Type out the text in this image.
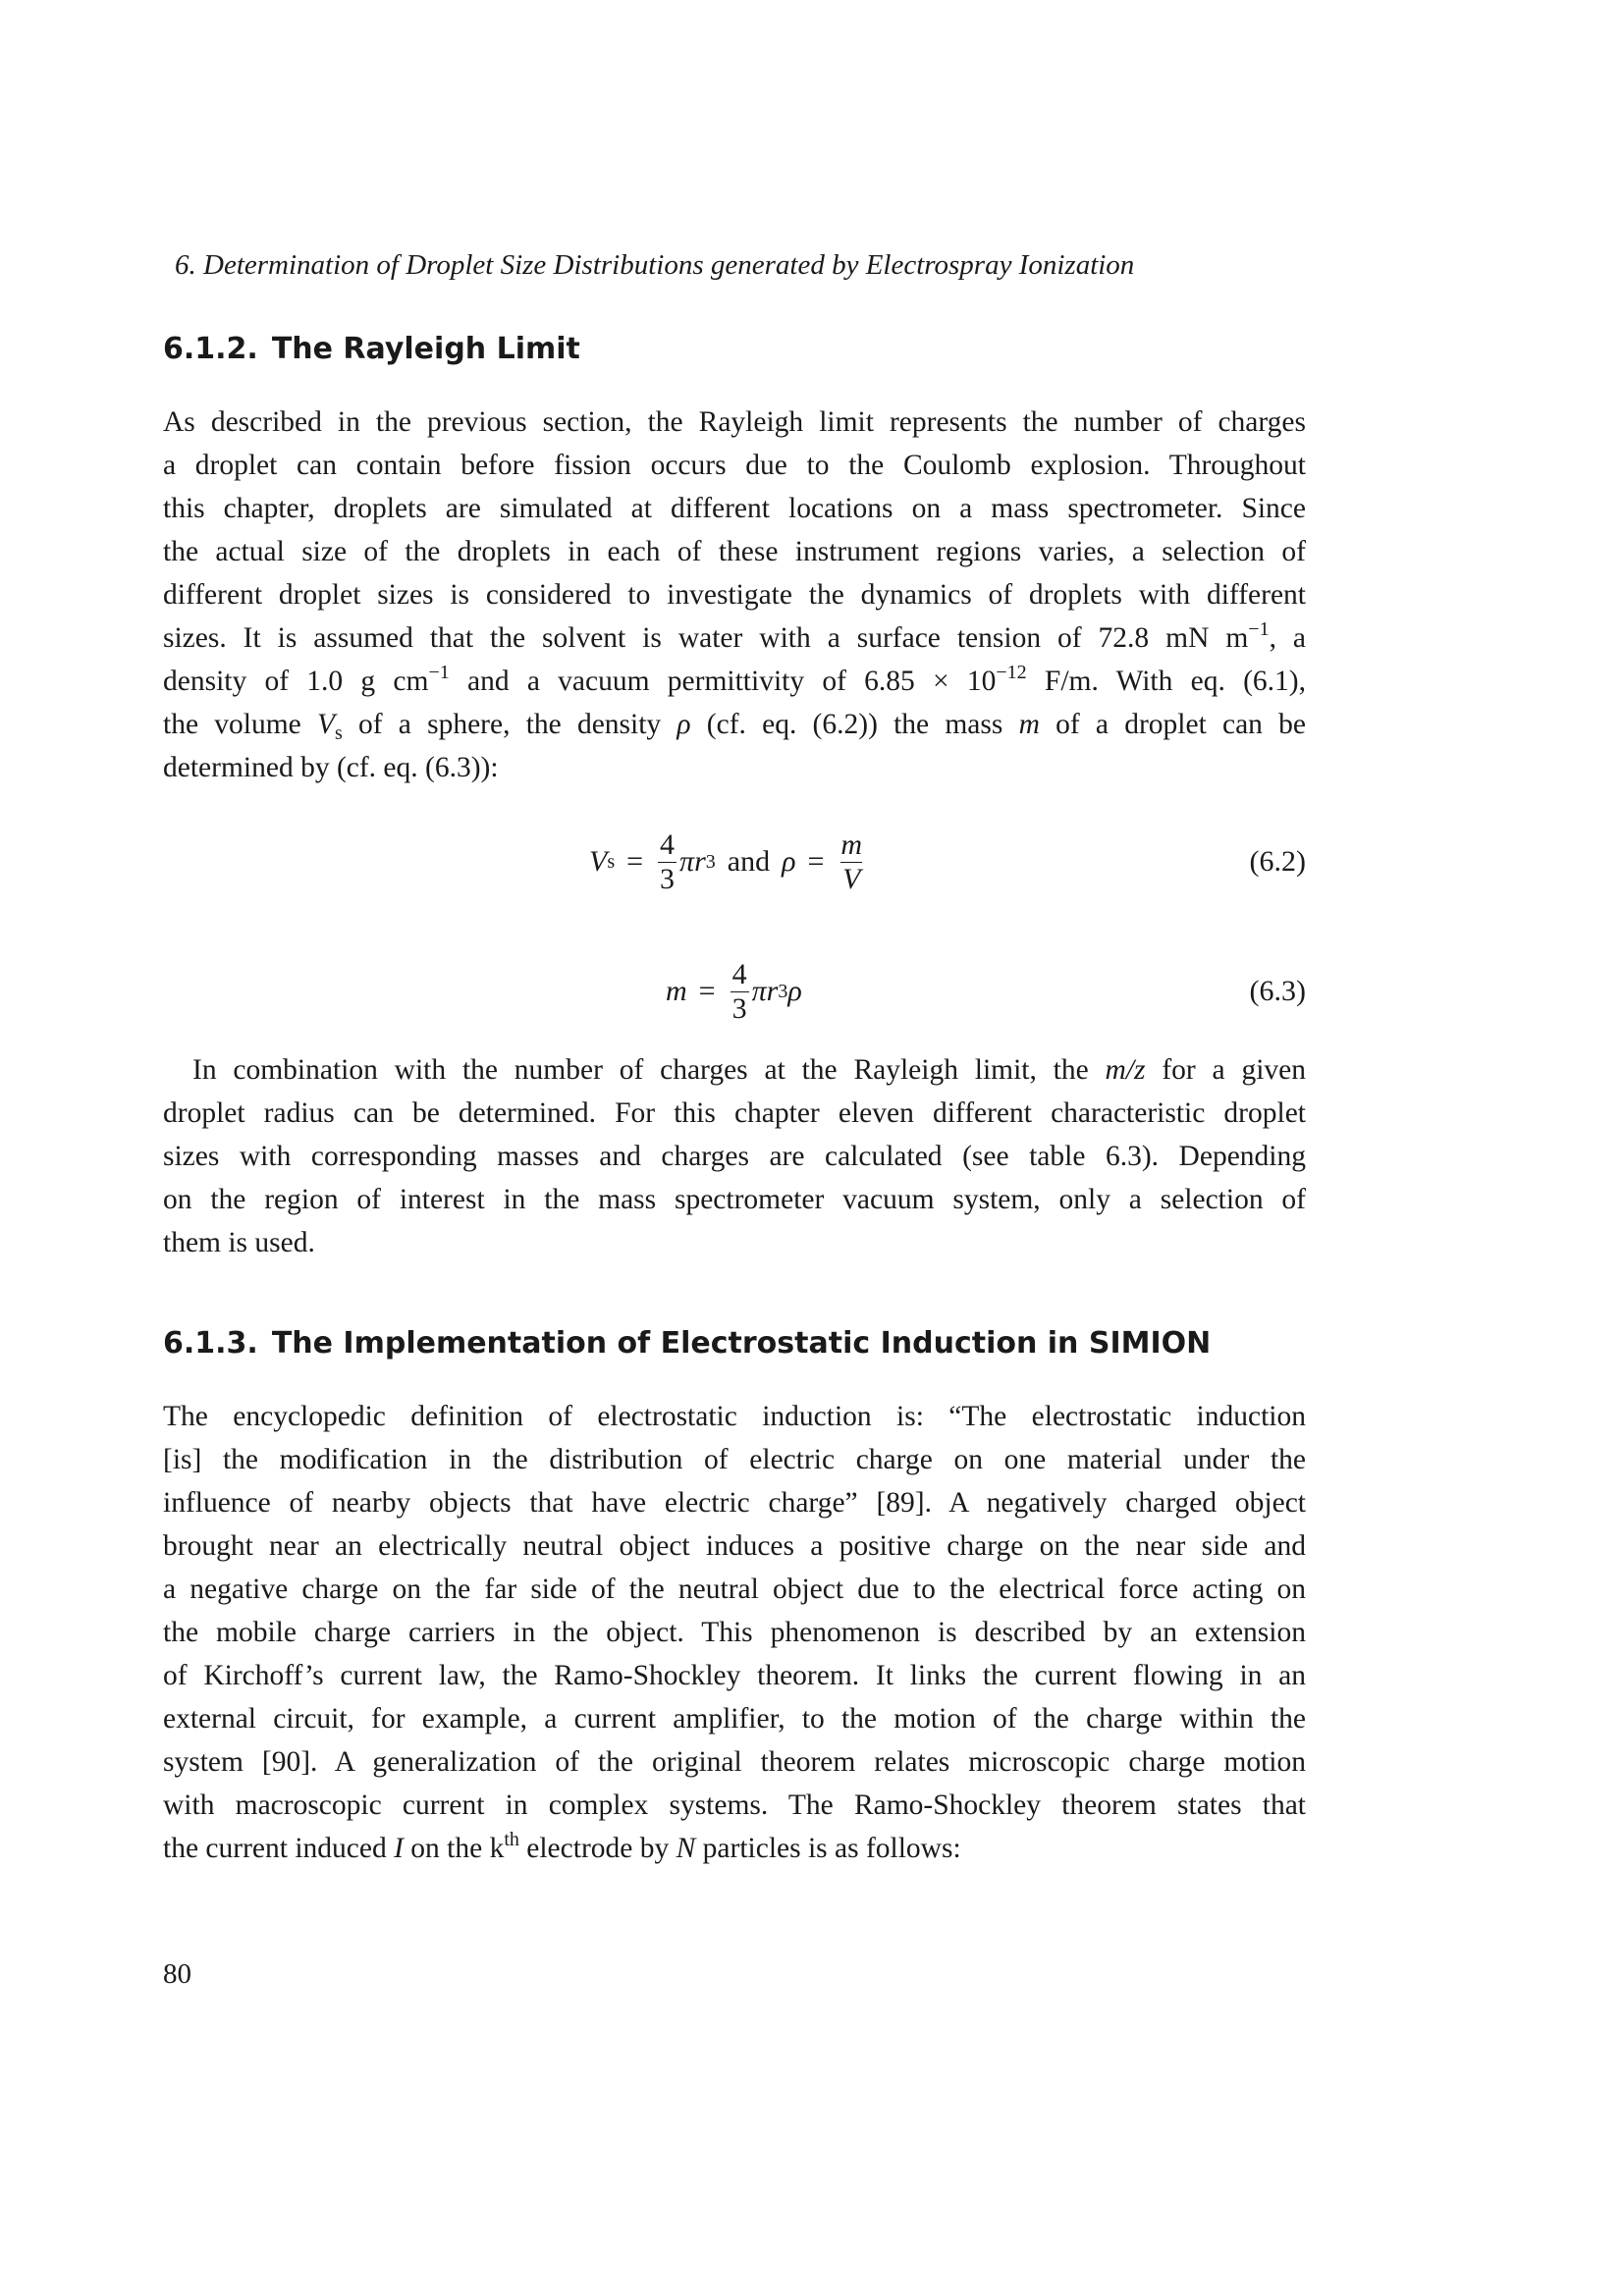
6. Determination of Droplet Size Distributions generated by Electrospray Ionization
6.1.2. The Rayleigh Limit
As described in the previous section, the Rayleigh limit represents the number of charges
a droplet can contain before fission occurs due to the Coulomb explosion. Throughout
this chapter, droplets are simulated at different locations on a mass spectrometer. Since
the actual size of the droplets in each of these instrument regions varies, a selection of
different droplet sizes is considered to investigate the dynamics of droplets with different
sizes. It is assumed that the solvent is water with a surface tension of 72.8 mN $m^{-1}$, a
density of 1.0 g $cm^{-1}$ and a vacuum permittivity of $6.85 \times 10^{-12}$ F/m. With eq. (6.1),
the volume $V_s$ of a sphere, the density ρ (cf. eq. (6.2)) the mass m of a droplet can be
determined by (cf. eq. (6.3)):
V $s = \frac{4}{3}$ π r 3 and $\rho = \frac{m}{V}$	(6.2)
$m = \frac{4}{3}$ π r 3 ρ	(6.3)
In combination with the number of charges at the Rayleigh limit, the m/z for a given
droplet radius can be determined. For this chapter eleven different characteristic droplet
sizes with corresponding masses and charges are calculated (see table 6.3). Depending
on the region of interest in the mass spectrometer vacuum system, only a selection of
them is used.
6.1.3. The Implementation of Electrostatic Induction in SIMION
The encyclopedic definition of electrostatic induction is: “The electrostatic induction
[is] the modification in the distribution of electric charge on one material under the
influence of nearby objects that have electric charge” [89]. A negatively charged object
brought near an electrically neutral object induces a positive charge on the near side and
a negative charge on the far side of the neutral object due to the electrical force acting on
the mobile charge carriers in the object. This phenomenon is described by an extension
of Kirchoff’s current law, the Ramo-Shockley theorem. It links the current flowing in an
external circuit, for example, a current amplifier, to the motion of the charge within the
system [90]. A generalization of the original theorem relates microscopic charge motion
with macroscopic current in complex systems. The Ramo-Shockley theorem states that
the current induced I on the $k^{th}$ electrode by N particles is as follows:
80
